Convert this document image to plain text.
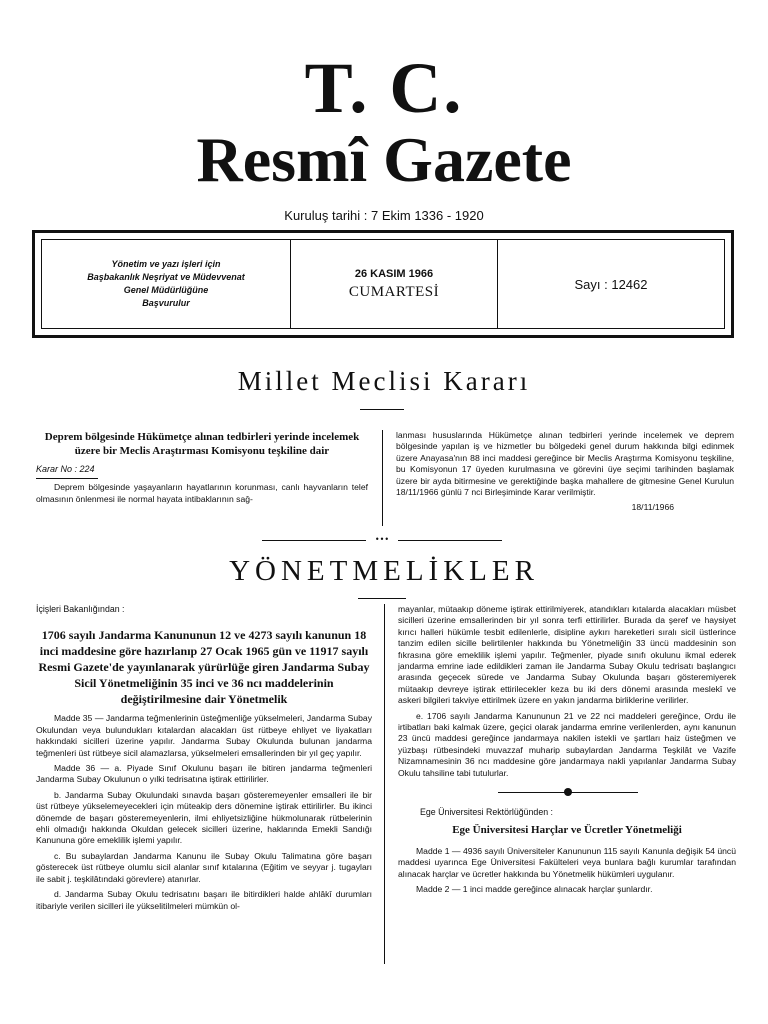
T. C.
Resmî Gazete
Kuruluş tarihi : 7 Ekim 1336 - 1920
Yönetim ve yazı işleri için
Başbakanlık Neşriyat ve Müdevvenat
Genel Müdürlüğüne
Başvurulur
26 KASIM 1966
CUMARTESİ	Sayı : 12462
Millet Meclisi Kararı
Deprem bölgesinde Hükümetçe alınan tedbirleri yerinde incelemek üzere bir Meclis Araştırması Komisyonu teşkiline dair
Karar No : 224

Deprem bölgesinde yaşayanların hayatlarının korunması, canlı hayvanların telef olmasının önlenmesi ile normal hayata intibaklarının sağ-

lanması hususlarında Hükümetçe alınan tedbirleri yerinde incelemek ve deprem bölgesinde yapılan iş ve hizmetler bu bölgedeki genel durum hakkında bilgi edinmek üzere Anayasa'nın 88 inci maddesi gereğince bir Meclis Araştırma Komisyonu teşkiline, bu Komisyonun 17 üyeden kurulmasına ve görevini üye seçimi tarihinden başlamak üzere bir ayda bitirmesine ve gerektiğinde başka mahallere de gitmesine Genel Kurulun 18/11/1966 günlü 7 nci Birleşiminde Karar verilmiştir.

18/11/1966
•••
YÖNETMELİKLER
İçişleri Bakanlığından :
1706 sayılı Jandarma Kanununun 12 ve 4273 sayılı kanunun 18 inci maddesine göre hazırlanıp 27 Ocak 1965 gün ve 11917 sayılı Resmi Gazete'de yayınlanarak yürürlüğe giren Jandarma Subay Sicil Yönetmeliğinin 35 inci ve 36 ncı maddelerinin değiştirilmesine dair Yönetmelik

Madde 35 — Jandarma teğmenlerinin üsteğmenliğe yükselmeleri, Jandarma Subay Okulundan veya bulundukları kıtalardan alacakları üst rütbeye ehliyet ve liyakatları hakkındaki sicilleri üzerine yapılır. Jandarma Subay Okulunda bulunan jandarma teğmenleri üst rütbeye sicil alamazlarsa, yükselmeleri emsallerinden bir yıl geç yapılır.

Madde 36 — a. Piyade Sınıf Okulunu başarı ile bitiren jandarma teğmenleri Jandarma Subay Okulunun o yılki tedrisatına iştirak ettirilirler.

b. Jandarma Subay Okulundaki sınavda başarı gösteremeyenler emsalleri ile bir üst rütbeye yükselemeyecekleri için müteakip ders dönemine iştirak ettirilirler. Bu ikinci dönemde de başarı gösteremeyenlerin, ilmi ehliyetsizliğine hükmolunarak rütbelerinin ehli olmadığı hakkında Okuldan gelecek sicilleri üzerine, haklarında Emekli Sandığı Kanununa göre emeklilik işlemi yapılır.

c. Bu subaylardan Jandarma Kanunu ile Subay Okulu Talimatına göre başarı gösterecek üst rütbeye olumlu sicil alanlar sınıf kıtalarına (Eğitim ve seyyar j. tugayları ile sabit j. teşkilâtındaki görevlere) atanırlar.

d. Jandarma Subay Okulu tedrisatını başarı ile bitirdikleri halde ahlâkî durumları itibariyle verilen sicilleri ile yükselitilmeleri mümkün ol-

mayanlar, mütaakıp döneme iştirak ettirilmiyerek, atandıkları kıtalarda alacakları müsbet sicilleri üzerine emsallerinden bir yıl sonra terfi ettirilirler. Burada da şeref ve haysiyet kırıcı halleri hükümle tesbit edilenlerle, disipline aykırı hareketleri sıralı sicil üstlerince tanzim edilen sicille belirtilenler hakkında bu Yönetmeliğin 33 üncü maddesinin son fıkrasına göre emeklilik işlemi yapılır. Teğmenler, piyade sınıfı okulunu ikmal ederek jandarma emrine iade edildikleri zaman ile Jandarma Subay Okulu tedrisatı başlangıcı arasında geçecek sürede ve Jandarma Subay Okulunda başarı gösteremiyerek mütaakıp devreye iştirak ettirilecekler keza bu iki ders dönemi arasında meslekî ve askeri bilgileri takviye ettirilmek üzere en yakın jandarma birliklerine verilirler.

e. 1706 sayılı Jandarma Kanununun 21 ve 22 nci maddeleri gereğince, Ordu ile irtibatları baki kalmak üzere, geçici olarak jandarma emrine verilenlerden, aynı kanunun 23 üncü maddesi gereğince jandarmaya nakilen istekli ve şartları haiz üsteğmen ve yüzbaşı rütbesindeki muvazzaf muharip subaylardan Jandarma Teşkilât ve Vazife Nizamnamesinin 36 ncı maddesine göre jandarmaya nakli yapılanlar Jandarma Subay Okulu tahsiline tabi tutulurlar.

Ege Üniversitesi Rektörlüğünden :
Ege Üniversitesi Harçlar ve Ücretler Yönetmeliği

Madde 1 — 4936 sayılı Üniversiteler Kanununun 115 sayılı Kanunla değişik 54 üncü maddesi uyarınca Ege Üniversitesi Fakülteleri veya bunlara bağlı kurumlar tarafından alınacak harçlar ve ücretler hakkında bu Yönetmelik hükümleri uygulanır.

Madde 2 — 1 inci madde gereğince alınacak harçlar şunlardır.
